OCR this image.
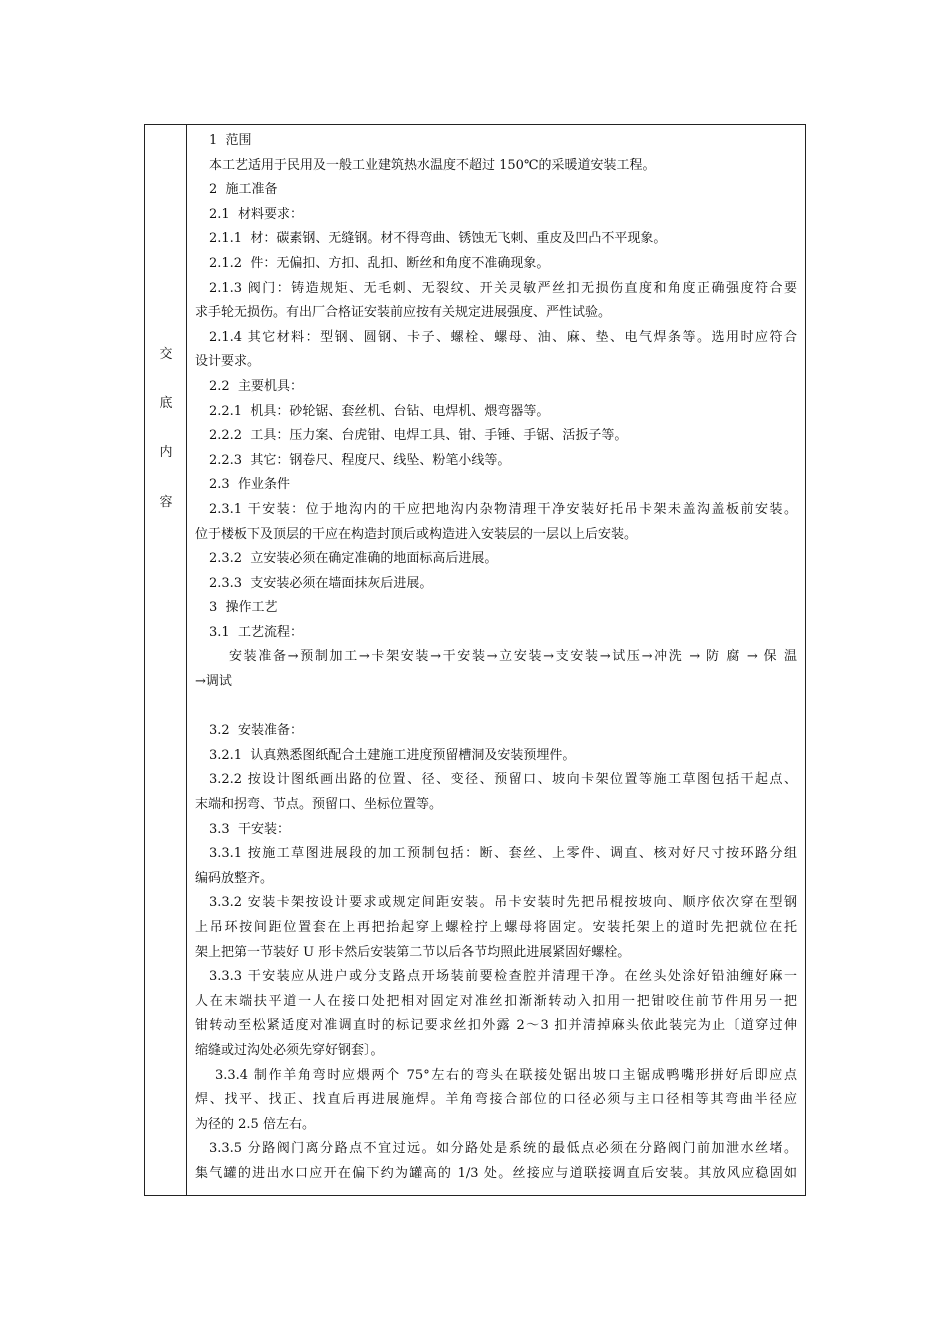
交
底
内
容
1  范围
本工艺适用于民用及一般工业建筑热水温度不超过 150℃的采暖道安装工程。
2  施工准备
2.1  材料要求：
2.1.1  材：碳素钢、无缝钢。材不得弯曲、锈蚀无飞刺、重皮及凹凸不平现象。
2.1.2  件：无偏扣、方扣、乱扣、断丝和角度不准确现象。
2.1.3 阀门：铸造规矩、无毛刺、无裂纹、开关灵敏严丝扣无损伤直度和角度正确强度符合要
求手轮无损伤。有出厂合格证安装前应按有关规定进展强度、严性试验。
2.1.4 其它材料：型钢、圆钢、卡子、螺栓、螺母、油、麻、垫、电气焊条等。选用时应符合
设计要求。
2.2  主要机具：
2.2.1  机具：砂轮锯、套丝机、台钻、电焊机、煨弯器等。
2.2.2  工具：压力案、台虎钳、电焊工具、钳、手锤、手锯、活扳子等。
2.2.3  其它：钢卷尺、程度尺、线坠、粉笔小线等。
2.3  作业条件
2.3.1 干安装：位于地沟内的干应把地沟内杂物清理干净安装好托吊卡架未盖沟盖板前安装。
位于楼板下及顶层的干应在构造封顶后或构造进入安装层的一层以上后安装。
2.3.2  立安装必须在确定准确的地面标高后进展。
2.3.3  支安装必须在墙面抹灰后进展。
3  操作工艺
3.1  工艺流程：
安装准备→预制加工→卡架安装→干安装→立安装→支安装→试压→冲洗 → 防 腐 → 保 温
→调试
3.2  安装准备：
3.2.1  认真熟悉图纸配合土建施工进度预留槽洞及安装预埋件。
3.2.2 按设计图纸画出路的位置、径、变径、预留口、坡向卡架位置等施工草图包括干起点、
末端和拐弯、节点。预留口、坐标位置等。
3.3  干安装：
3.3.1 按施工草图进展段的加工预制包括：断、套丝、上零件、调直、核对好尺寸按环路分组
编码放整齐。
3.3.2 安装卡架按设计要求或规定间距安装。吊卡安装时先把吊棍按坡向、顺序依次穿在型钢
上吊环按间距位置套在上再把抬起穿上螺栓拧上螺母将固定。安装托架上的道时先把就位在托
架上把第一节装好 U 形卡然后安装第二节以后各节均照此进展紧固好螺栓。
3.3.3 干安装应从进户或分支路点开场装前要检查腔并清理干净。在丝头处涂好铅油缠好麻一
人在末端扶平道一人在接口处把相对固定对准丝扣渐渐转动入扣用一把钳咬住前节件用另一把
钳转动至松紧适度对准调直时的标记要求丝扣外露 2～3 扣并清掉麻头依此装完为止〔道穿过伸
缩缝或过沟处必须先穿好钢套〕。
3.3.4 制作羊角弯时应煨两个 75°左右的弯头在联接处锯出坡口主锯成鸭嘴形拼好后即应点
焊、找平、找正、找直后再进展施焊。羊角弯接合部位的口径必须与主口径相等其弯曲半径应
为径的 2.5 倍左右。
3.3.5 分路阀门离分路点不宜过远。如分路处是系统的最低点必须在分路阀门前加泄水丝堵。
集气罐的进出水口应开在偏下约为罐高的 1/3 处。丝接应与道联接调直后安装。其放风应稳固如
